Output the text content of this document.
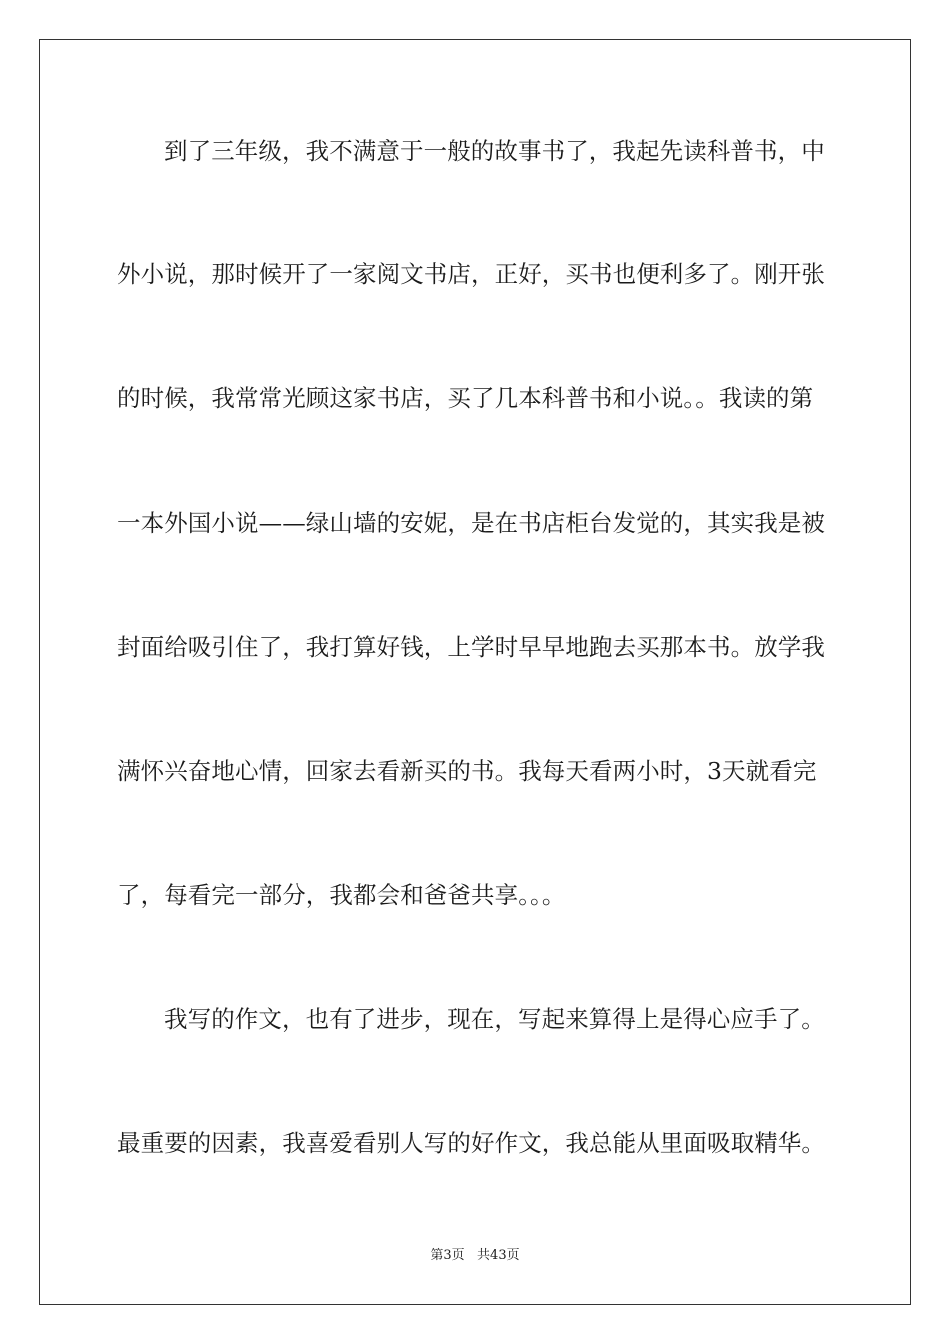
到了三年级，我不满意于一般的故事书了，我起先读科普书，中
外小说，那时候开了一家阅文书店，正好，买书也便利多了。刚开张
的时候，我常常光顾这家书店，买了几本科普书和小说。。我读的第
一本外国小说——绿山墙的安妮，是在书店柜台发觉的，其实我是被
封面给吸引住了，我打算好钱，上学时早早地跑去买那本书。放学我
满怀兴奋地心情，回家去看新买的书。我每天看两小时，3天就看完
了，每看完一部分，我都会和爸爸共享。。。
我写的作文，也有了进步，现在，写起来算得上是得心应手了。
最重要的因素，我喜爱看别人写的好作文，我总能从里面吸取精华。
第3页   共43页
